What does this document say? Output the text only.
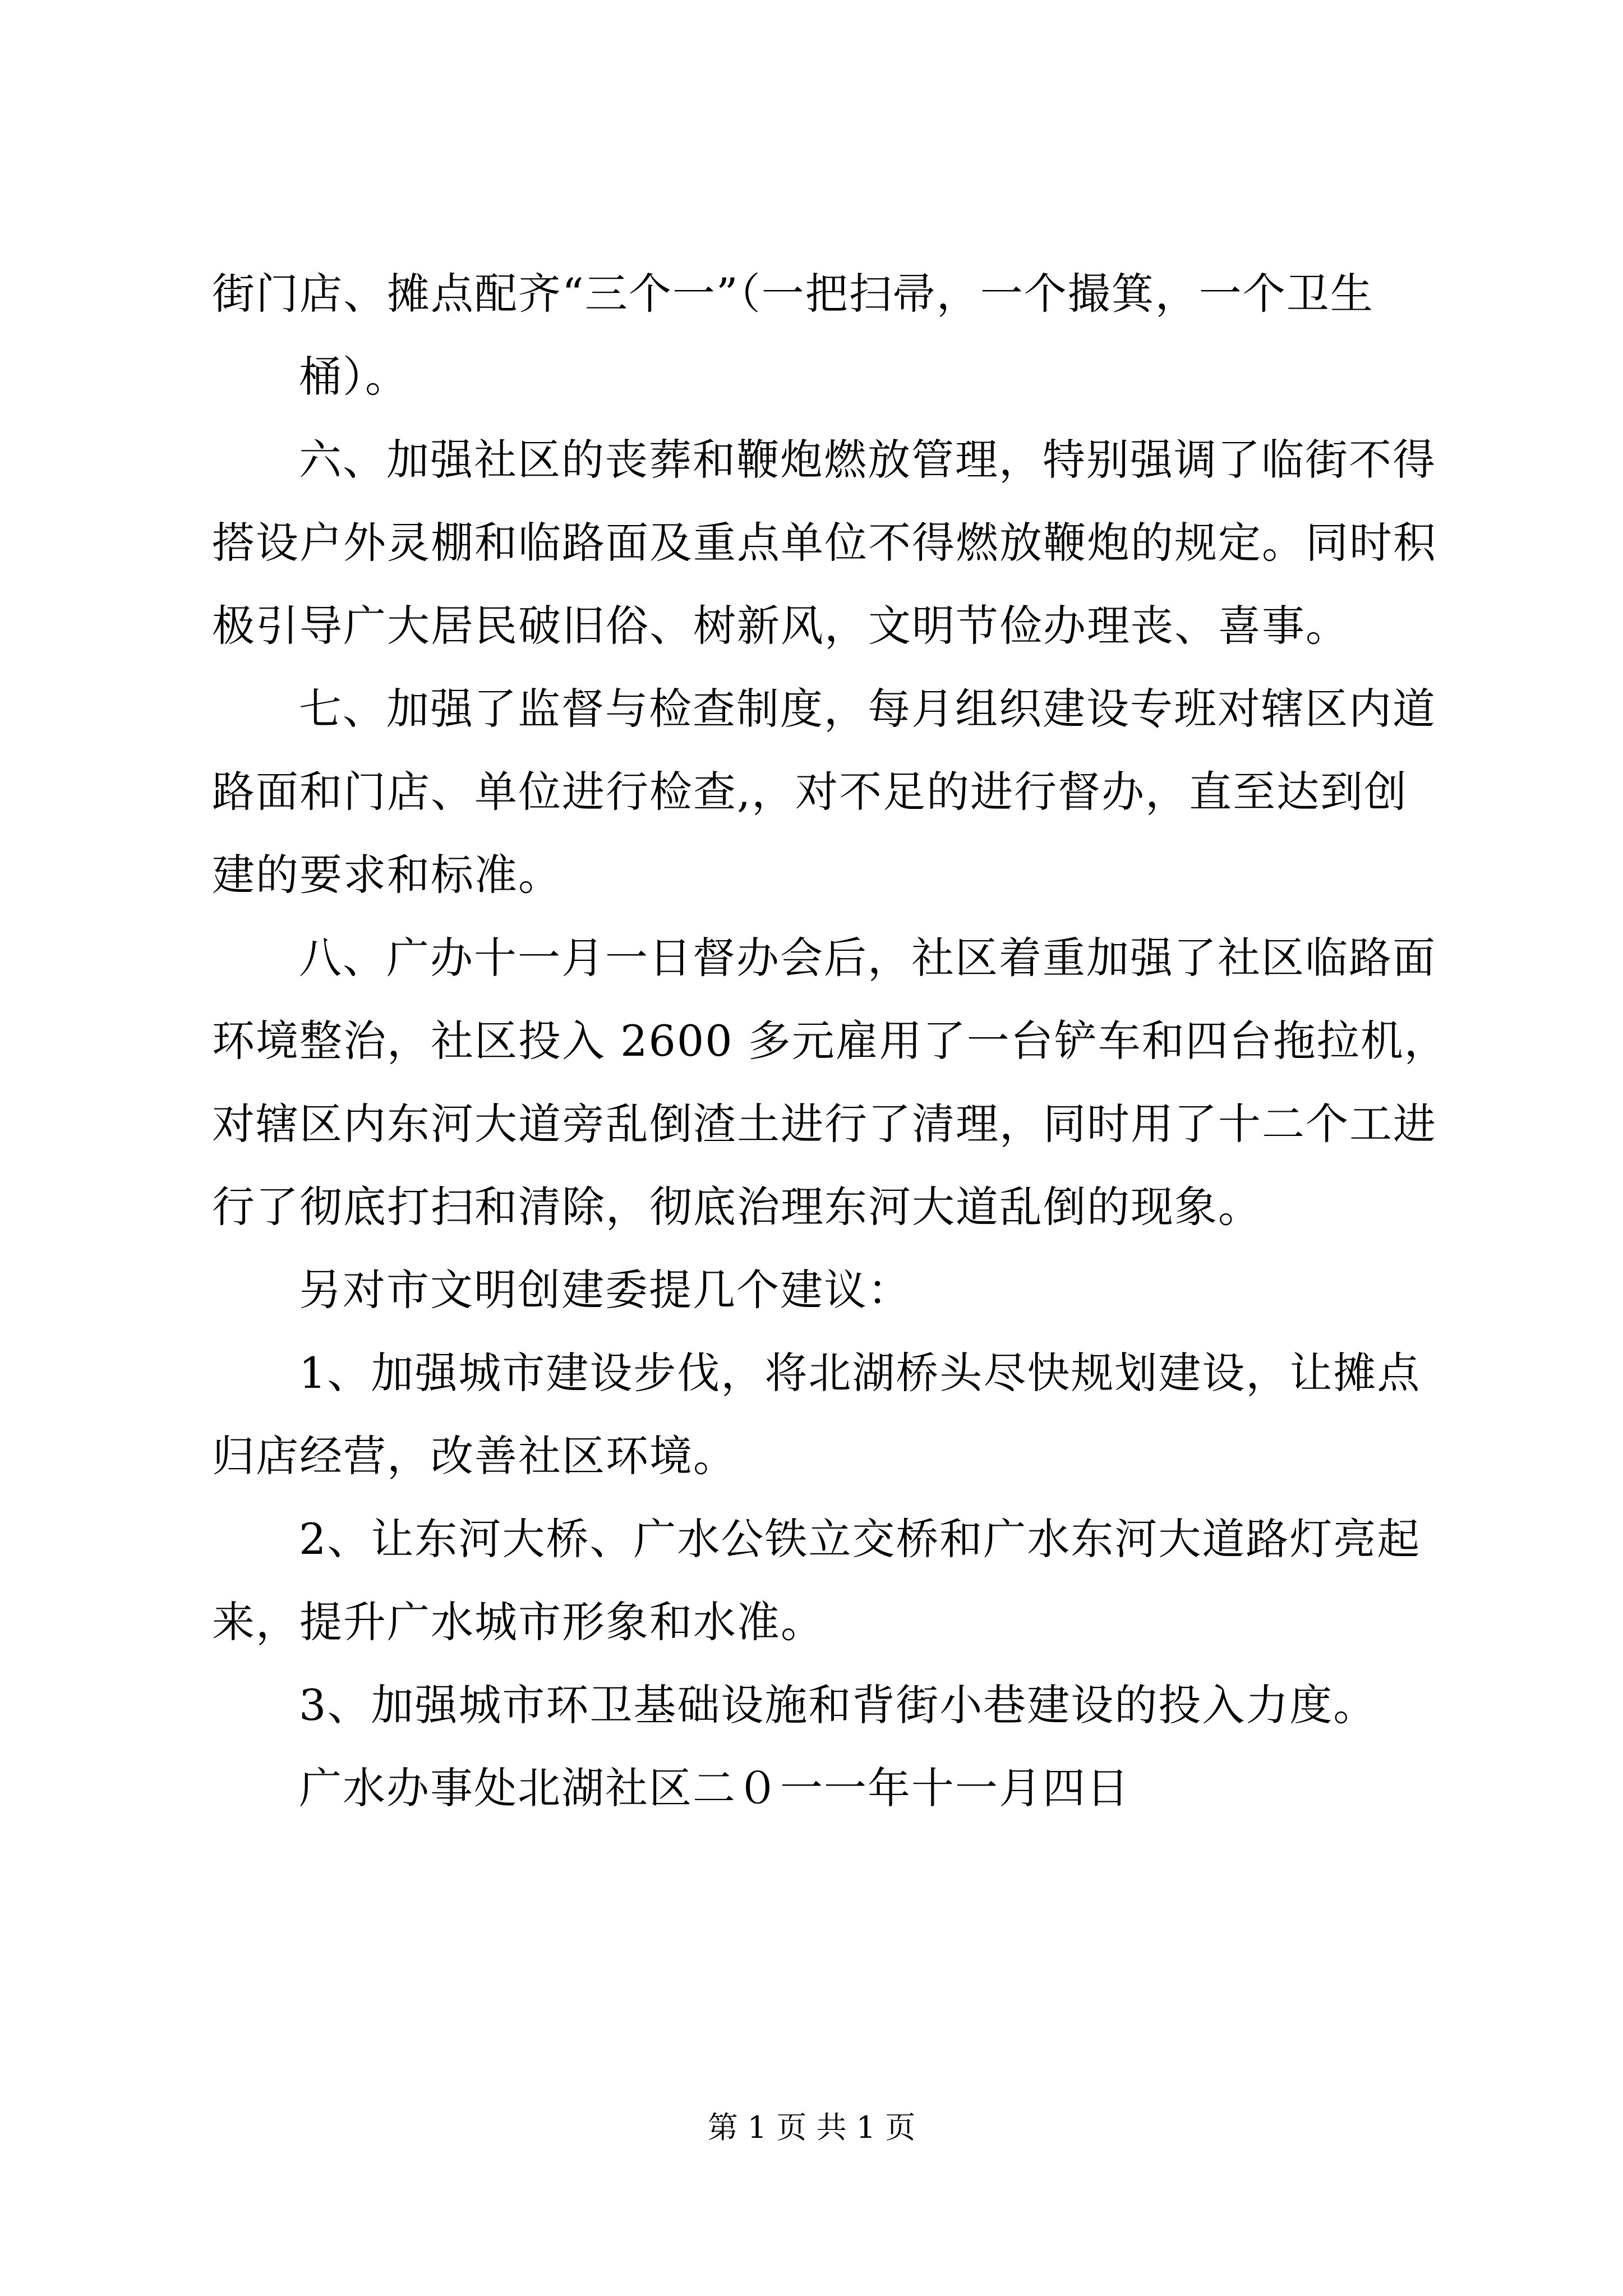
街门店、摊点配齐“三个一”（一把扫帚，一个撮箕，一个卫生
桶）。
六、加强社区的丧葬和鞭炮燃放管理，特别强调了临街不得
搭设户外灵棚和临路面及重点单位不得燃放鞭炮的规定。同时积
极引导广大居民破旧俗、树新风，文明节俭办理丧、喜事。
七、加强了监督与检查制度，每月组织建设专班对辖区内道
路面和门店、单位进行检查,，对不足的进行督办，直至达到创
建的要求和标准。
八、广办十一月一日督办会后，社区着重加强了社区临路面
环境整治，社区投入 2600 多元雇用了一台铲车和四台拖拉机，
对辖区内东河大道旁乱倒渣土进行了清理，同时用了十二个工进
行了彻底打扫和清除，彻底治理东河大道乱倒的现象。
另对市文明创建委提几个建议：
1、加强城市建设步伐，将北湖桥头尽快规划建设，让摊点
归店经营，改善社区环境。
2、让东河大桥、广水公铁立交桥和广水东河大道路灯亮起
来，提升广水城市形象和水准。
3、加强城市环卫基础设施和背街小巷建设的投入力度。
广水办事处北湖社区二０一一年十一月四日
第 1 页 共 1 页
